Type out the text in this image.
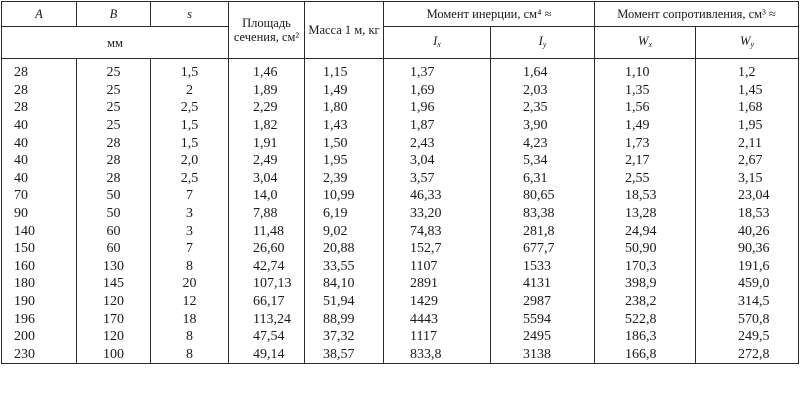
A	B	s	Площадь сечения, см²	Масса 1 м, кг	Момент инерции, см⁴ ≈		Момент сопротивления, см³ ≈	
мм					$I_x$	$I_y$	$W_x$	$W_y$
28	25	1,5	1,46	1,15	1,37	1,64	1,10	1,2
28	25	2	1,89	1,49	1,69	2,03	1,35	1,45
28	25	2,5	2,29	1,80	1,96	2,35	1,56	1,68
40	25	1,5	1,82	1,43	1,87	3,90	1,49	1,95
40	28	1,5	1,91	1,50	2,43	4,23	1,73	2,11
40	28	2,0	2,49	1,95	3,04	5,34	2,17	2,67
40	28	2,5	3,04	2,39	3,57	6,31	2,55	3,15
70	50	7	14,0	10,99	46,33	80,65	18,53	23,04
90	50	3	7,88	6,19	33,20	83,38	13,28	18,53
140	60	3	11,48	9,02	74,83	281,8	24,94	40,26
150	60	7	26,60	20,88	152,7	677,7	50,90	90,36
160	130	8	42,74	33,55	1107	1533	170,3	191,6
180	145	20	107,13	84,10	2891	4131	398,9	459,0
190	120	12	66,17	51,94	1429	2987	238,2	314,5
196	170	18	113,24	88,99	4443	5594	522,8	570,8
200	120	8	47,54	37,32	1117	2495	186,3	249,5
230	100	8	49,14	38,57	833,8	3138	166,8	272,8
